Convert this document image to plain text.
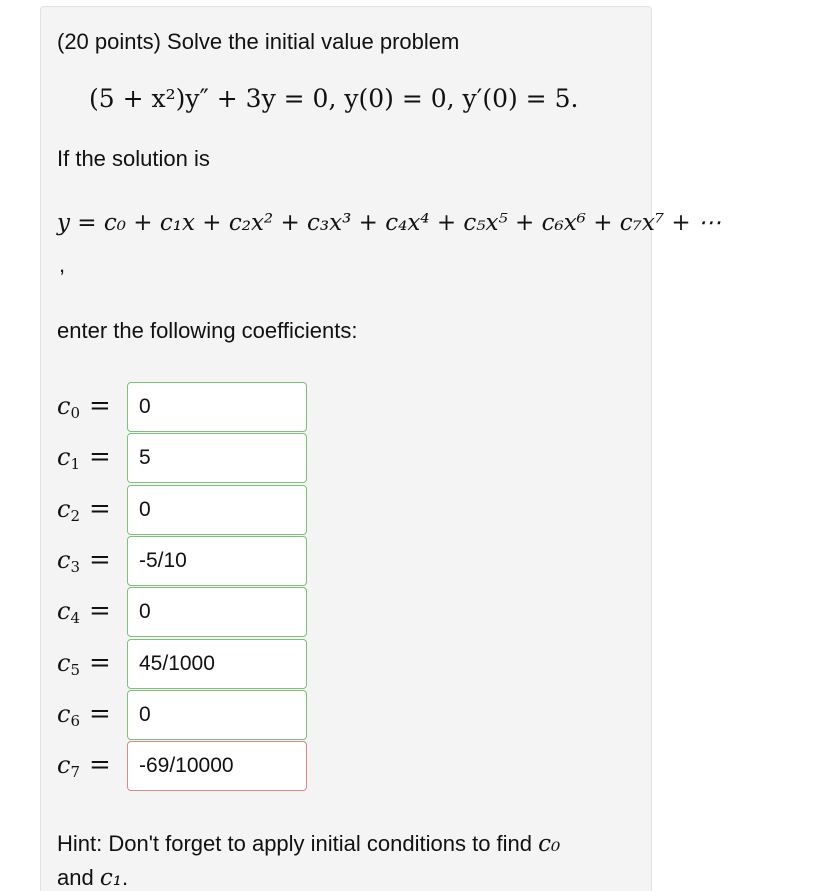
(20 points) Solve the initial value problem
(5 + x²)y″ + 3y = 0, y(0) = 0, y′(0) = 5.
If the solution is
y = c₀ + c₁x + c₂x² + c₃x³ + c₄x⁴ + c₅x⁵ + c₆x⁶ + c₇x⁷ + ⋯
,
enter the following coefficients:
$c_0$ =
0
$c_1$ =
5
$c_2$ =
0
$c_3$ =
-5/10
$c_4$ =
0
$c_5$ =
45/1000
$c_6$ =
0
$c_7$ =
-69/10000
Hint: Don't forget to apply initial conditions to find c₀
and c₁.
